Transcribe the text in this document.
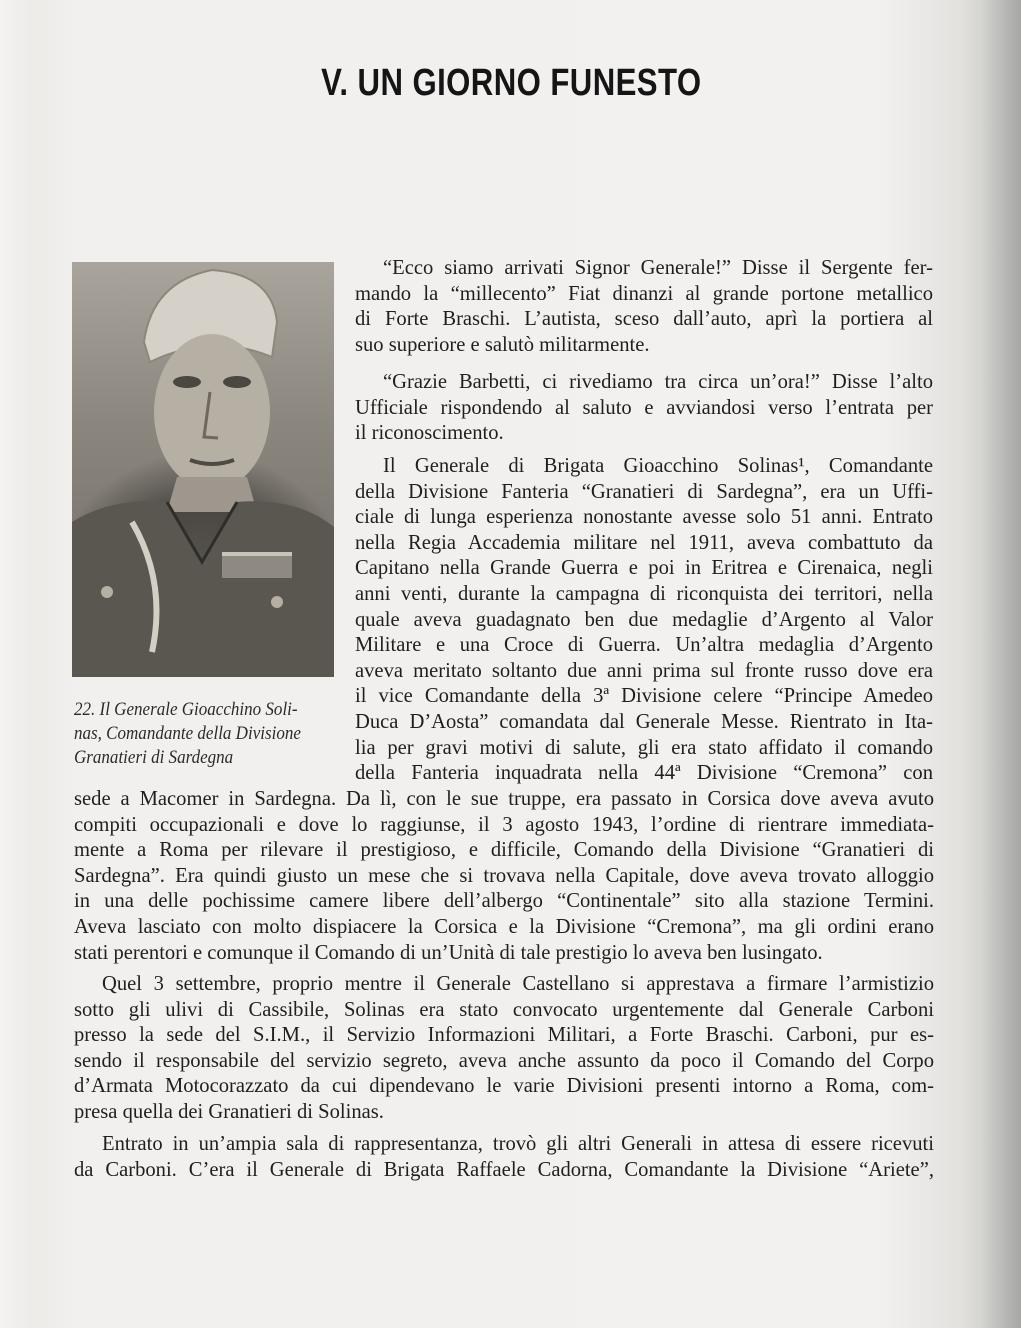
V. UN GIORNO FUNESTO
22. Il Generale Gioacchino Soli-
nas, Comandante della Divisione
Granatieri di Sardegna
“Ecco siamo arrivati Signor Generale!” Disse il Sergente fer-
mando la “millecento” Fiat dinanzi al grande portone metallico
di Forte Braschi. L’autista, sceso dall’auto, aprì la portiera al
suo superiore e salutò militarmente.
“Grazie Barbetti, ci rivediamo tra circa un’ora!” Disse l’alto
Ufficiale rispondendo al saluto e avviandosi verso l’entrata per
il riconoscimento.
Il Generale di Brigata Gioacchino Solinas¹, Comandante
della Divisione Fanteria “Granatieri di Sardegna”, era un Uffi-
ciale di lunga esperienza nonostante avesse solo 51 anni. Entrato
nella Regia Accademia militare nel 1911, aveva combattuto da
Capitano nella Grande Guerra e poi in Eritrea e Cirenaica, negli
anni venti, durante la campagna di riconquista dei territori, nella
quale aveva guadagnato ben due medaglie d’Argento al Valor
Militare e una Croce di Guerra. Un’altra medaglia d’Argento
aveva meritato soltanto due anni prima sul fronte russo dove era
il vice Comandante della 3ª Divisione celere “Principe Amedeo
Duca D’Aosta” comandata dal Generale Messe. Rientrato in Ita-
lia per gravi motivi di salute, gli era stato affidato il comando
della Fanteria inquadrata nella 44ª Divisione “Cremona” con
sede a Macomer in Sardegna. Da lì, con le sue truppe, era passato in Corsica dove aveva avuto
compiti occupazionali e dove lo raggiunse, il 3 agosto 1943, l’ordine di rientrare immediata-
mente a Roma per rilevare il prestigioso, e difficile, Comando della Divisione “Granatieri di
Sardegna”. Era quindi giusto un mese che si trovava nella Capitale, dove aveva trovato alloggio
in una delle pochissime camere libere dell’albergo “Continentale” sito alla stazione Termini.
Aveva lasciato con molto dispiacere la Corsica e la Divisione “Cremona”, ma gli ordini erano
stati perentori e comunque il Comando di un’Unità di tale prestigio lo aveva ben lusingato.
Quel 3 settembre, proprio mentre il Generale Castellano si apprestava a firmare l’armistizio
sotto gli ulivi di Cassibile, Solinas era stato convocato urgentemente dal Generale Carboni
presso la sede del S.I.M., il Servizio Informazioni Militari, a Forte Braschi. Carboni, pur es-
sendo il responsabile del servizio segreto, aveva anche assunto da poco il Comando del Corpo
d’Armata Motocorazzato da cui dipendevano le varie Divisioni presenti intorno a Roma, com-
presa quella dei Granatieri di Solinas.
Entrato in un’ampia sala di rappresentanza, trovò gli altri Generali in attesa di essere ricevuti
da Carboni. C’era il Generale di Brigata Raffaele Cadorna, Comandante la Divisione “Ariete”,
